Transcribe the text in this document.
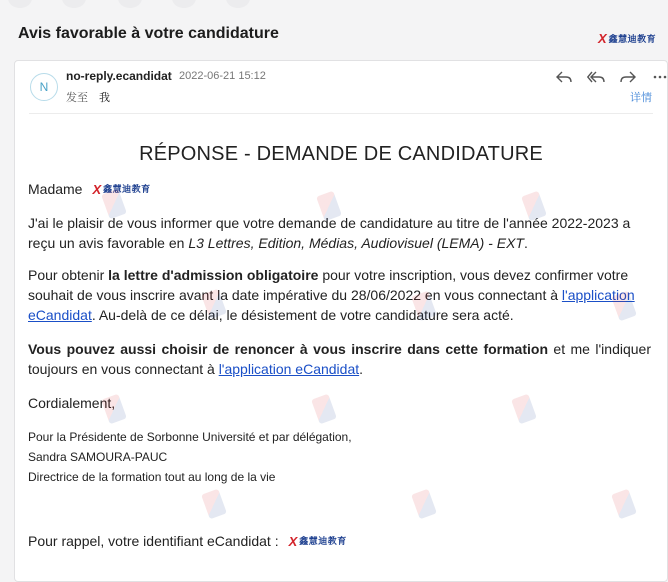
Avis favorable à votre candidature	X 鑫慧迪教育
N
no-reply.ecandidat 2022-06-21 15:12
发至 我	详情
RÉPONSE - DEMANDE DE CANDIDATURE
Madame X 鑫慧迪教育
J'ai le plaisir de vous informer que votre demande de candidature au titre de l'année 2022-2023 a reçu un avis favorable en L3 Lettres, Edition, Médias, Audiovisuel (LEMA) - EXT.
Pour obtenir la lettre d'admission obligatoire pour votre inscription, vous devez confirmer votre souhait de vous inscrire avant la date impérative du 28/06/2022 en vous connectant à l'application eCandidat. Au-delà de ce délai, le désistement de votre candidature sera acté.
Vous pouvez aussi choisir de renoncer à vous inscrire dans cette formation et me l'indiquer toujours en vous connectant à l'application eCandidat.
Cordialement,
Pour la Présidente de Sorbonne Université et par délégation,
Sandra SAMOURA-PAUC
Directrice de la formation tout au long de la vie
Pour rappel, votre identifiant eCandidat : X 鑫慧迪教育
